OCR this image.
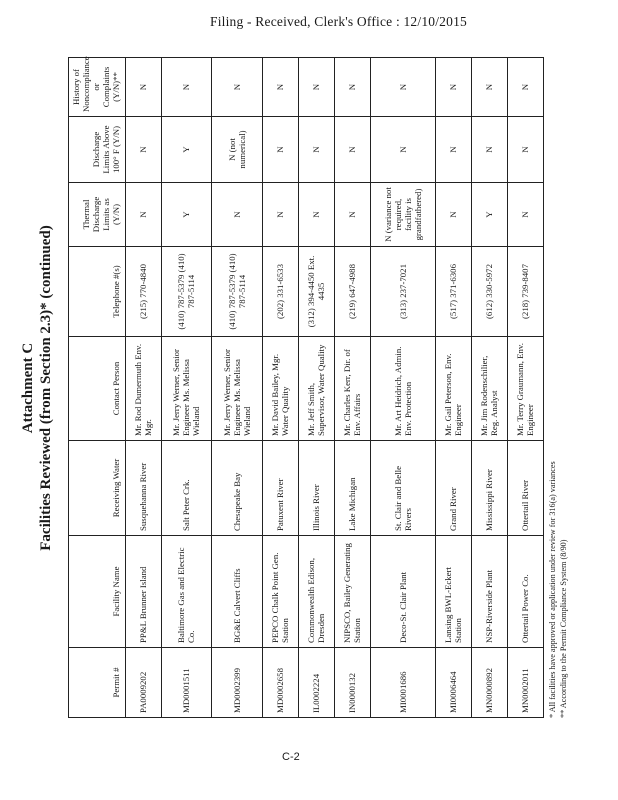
Filing - Received, Clerk's Office : 12/10/2015
Attachment C Facilities Reviewed (from Section 2.3)* (continued)
Permit #	Facility Name	Receiving Water	Contact Person	Telephone #(s)	Thermal Discharge Limits as (Y/N)	Discharge Limits Above 100° F (Y/N)	History of Noncompliance or Complaints (Y/N)**
PA0009202	PP&L Brunner Island	Susquehanna River	Mr. Rod Dumermuth Env. Mgr.	(215) 770-4840	N	N	N
MD0001511	Baltimore Gas and Electric Co.	Salt Peter Crk.	Mr. Jerry Werner, Senior Engineer Ms. Melissa Wieland	(410) 787-5379 (410) 787-5114	Y	Y	N
MD0002399	BG&E Calvert Cliffs	Chesapeake Bay	Mr. Jerry Werner, Senior Engineer Ms. Melissa Wieland	(410) 787-5379 (410) 787-5114	N	N (not numerical)	N
MD0002658	PEPCO Chalk Point Gen. Station	Patuxent River	Mr. David Bailey, Mgr. Water Quality	(202) 331-6533	N	N	N
IL0002224	Commonwealth Edison, Dresden	Illinois River	Mr. Jeff Smith, Supervisor, Water Quality	(312) 394-4450 Ext. 4435	N	N	N
IN0000132	NIPSCO, Bailey Generating Station	Lake Michigan	Mr. Charles Kerr, Dir. of Env. Affairs	(219) 647-4988	N	N	N
MI0001686	Deco-St. Clair Plant	St. Clair and Belle Rivers	Mr. Art Heidrich, Admin. Env. Protection	(313) 237-7021	N (variance not required, facility is grandfathered)	N	N
MI0006464	Lansing BWL-Eckert Station	Grand River	Mr. Gail Peterson, Env. Engineer	(517) 371-6306	N	N	N
MN0000892	NSP-Riverside Plant	Mississippi River	Mr. Jim Rodenschilier, Reg. Analyst	(612) 330-5972	Y	N	N
MN0002011	Ottertail Power Co.	Ottertail River	Mr. Terry Graumann, Env. Engineer	(218) 739-8407	N	N	N
* All facilities have approved or application under review for 316(a) variances ** According to the Permit Compliance System (8/90)
C-2
